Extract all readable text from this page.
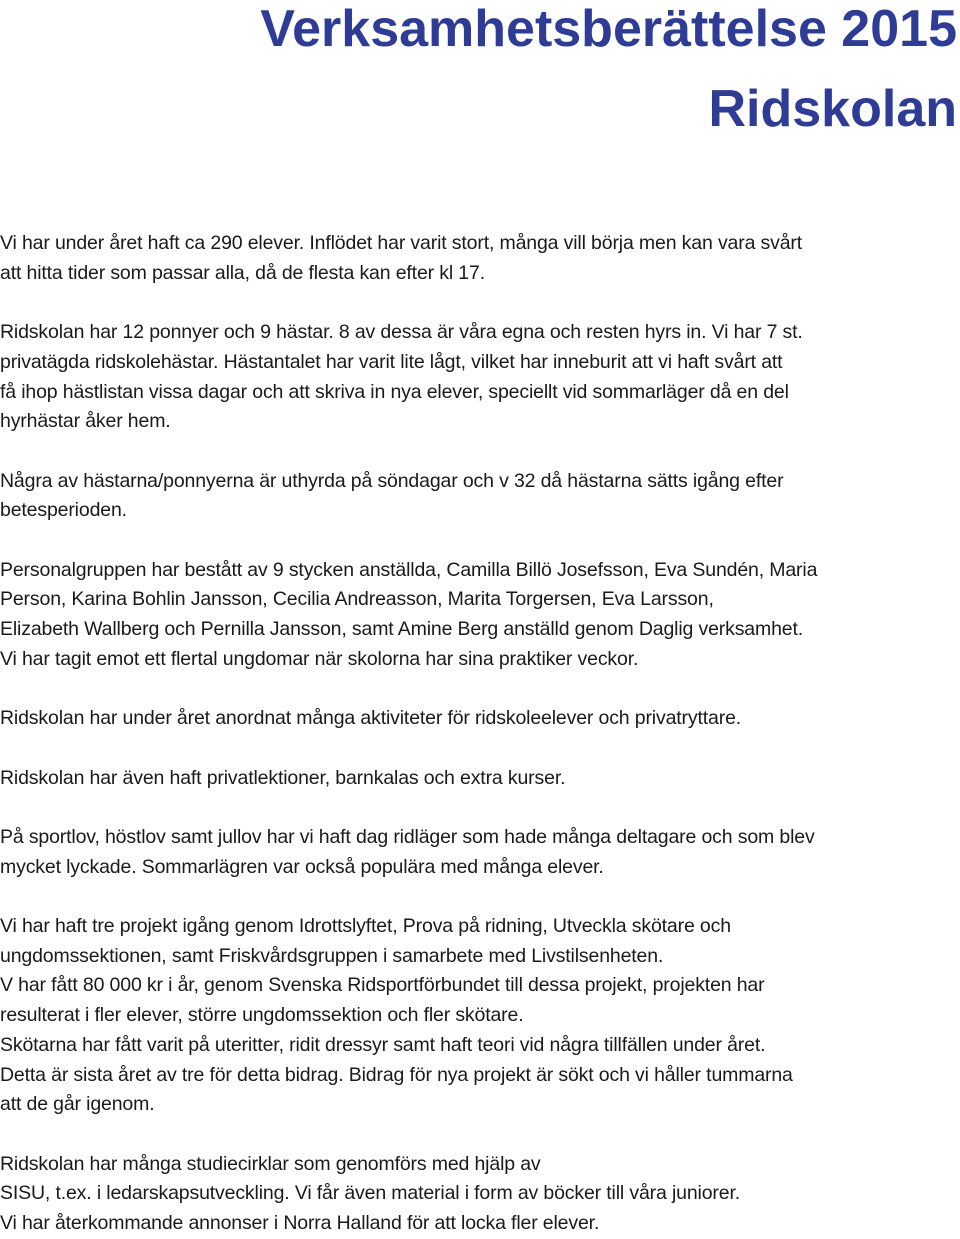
Verksamhetsberättelse 2015
Ridskolan
Vi har under året haft ca 290 elever. Inflödet har varit stort, många vill börja men kan vara svårt
att hitta tider som passar alla, då de flesta kan efter kl 17.
Ridskolan har 12 ponnyer och 9 hästar. 8 av dessa är våra egna och resten hyrs in. Vi har 7 st.
privatägda ridskolehästar. Hästantalet har varit lite lågt, vilket har inneburit att vi haft svårt att
få ihop hästlistan vissa dagar och att skriva in nya elever, speciellt vid sommarläger då en del
hyrhästar åker hem.
Några av hästarna/ponnyerna är uthyrda på söndagar och v 32 då hästarna sätts igång efter
betesperioden.
Personalgruppen har bestått av 9 stycken anställda, Camilla Billö Josefsson, Eva Sundén, Maria
Person, Karina Bohlin Jansson, Cecilia Andreasson, Marita Torgersen, Eva Larsson,
Elizabeth Wallberg och Pernilla Jansson, samt Amine Berg anställd genom Daglig verksamhet.
Vi har tagit emot ett flertal ungdomar när skolorna har sina praktiker veckor.
Ridskolan har under året anordnat många aktiviteter för ridskoleelever och privatryttare.
Ridskolan har även haft privatlektioner, barnkalas och extra kurser.
På sportlov, höstlov samt jullov har vi haft dag ridläger som hade många deltagare och som blev
mycket lyckade. Sommarlägren var också populära med många elever.
Vi har haft tre projekt igång genom Idrottslyftet, Prova på ridning, Utveckla skötare och
ungdomssektionen, samt Friskvårdsgruppen i samarbete med Livstilsenheten.
V har fått 80 000 kr i år, genom Svenska Ridsportförbundet till dessa projekt, projekten har
resulterat i fler elever, större ungdomssektion och fler skötare.
Skötarna har fått varit på uteritter, ridit dressyr samt haft teori vid några tillfällen under året.
Detta är sista året av tre för detta bidrag. Bidrag för nya projekt är sökt och vi håller tummarna
att de går igenom.
Ridskolan har många studiecirklar som genomförs med hjälp av
SISU, t.ex. i ledarskapsutveckling. Vi får även material i form av böcker till våra juniorer.
Vi har återkommande annonser i Norra Halland för att locka fler elever.
